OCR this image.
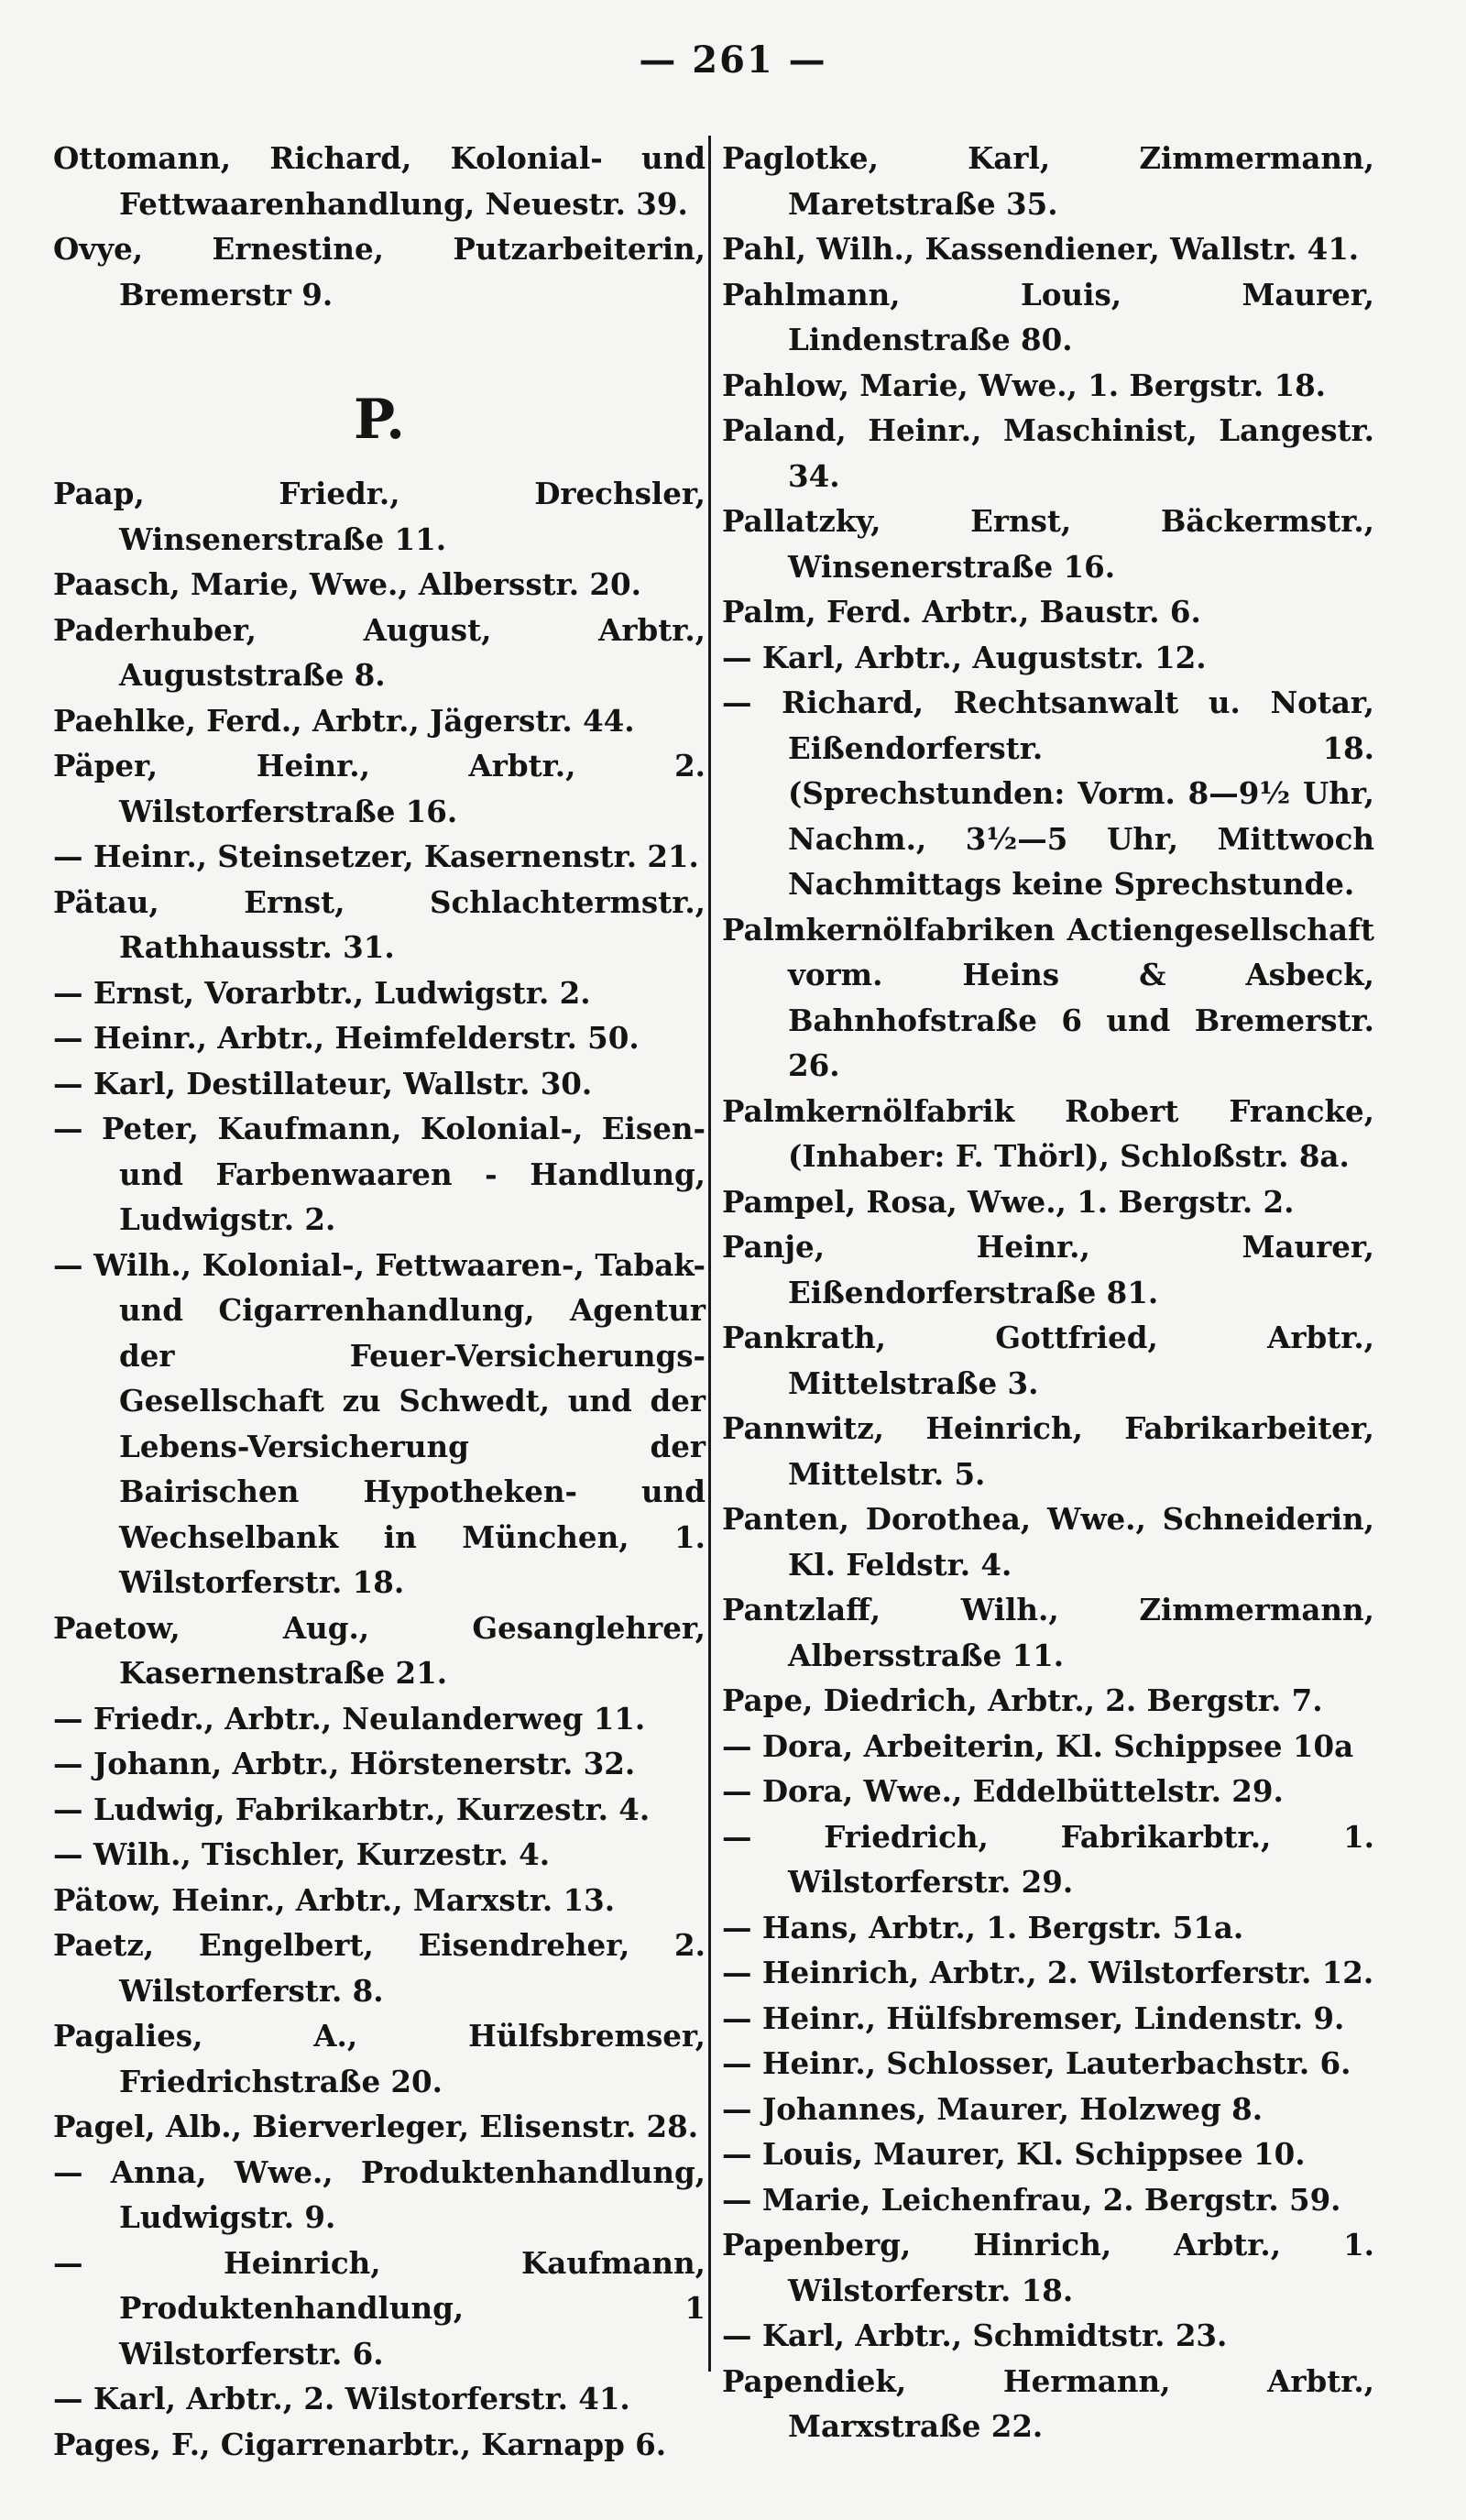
— 261 —
Ottomann, Richard, Kolonial- und Fettwaarenhandlung, Neuestr. 39.
Ovye, Ernestine, Putzarbeiterin, Bremerstr 9.
P.
Paap, Friedr., Drechsler, Winsenerstraße 11.
Paasch, Marie, Wwe., Albersstr. 20.
Paderhuber, August, Arbtr., Auguststraße 8.
Paehlke, Ferd., Arbtr., Jägerstr. 44.
Päper, Heinr., Arbtr., 2. Wilstorferstraße 16.
— Heinr., Steinsetzer, Kasernenstr. 21.
Pätau, Ernst, Schlachtermstr., Rathhausstr. 31.
— Ernst, Vorarbtr., Ludwigstr. 2.
— Heinr., Arbtr., Heimfelderstr. 50.
— Karl, Destillateur, Wallstr. 30.
— Peter, Kaufmann, Kolonial-, Eisen- und Farbenwaaren - Handlung, Ludwigstr. 2.
— Wilh., Kolonial-, Fettwaaren-, Tabak- und Cigarrenhandlung, Agentur der Feuer-Versicherungs-Gesellschaft zu Schwedt, und der Lebens-Versicherung der Bairischen Hypotheken- und Wechselbank in München, 1. Wilstorferstr. 18.
Paetow, Aug., Gesanglehrer, Kasernenstraße 21.
— Friedr., Arbtr., Neulanderweg 11.
— Johann, Arbtr., Hörstenerstr. 32.
— Ludwig, Fabrikarbtr., Kurzestr. 4.
— Wilh., Tischler, Kurzestr. 4.
Pätow, Heinr., Arbtr., Marxstr. 13.
Paetz, Engelbert, Eisendreher, 2. Wilstorferstr. 8.
Pagalies, A., Hülfsbremser, Friedrichstraße 20.
Pagel, Alb., Bierverleger, Elisenstr. 28.
— Anna, Wwe., Produktenhandlung, Ludwigstr. 9.
— Heinrich, Kaufmann, Produktenhandlung, 1 Wilstorferstr. 6.
— Karl, Arbtr., 2. Wilstorferstr. 41.
Pages, F., Cigarrenarbtr., Karnapp 6.
Paglotke, Karl, Zimmermann, Maretstraße 35.
Pahl, Wilh., Kassendiener, Wallstr. 41.
Pahlmann, Louis, Maurer, Lindenstraße 80.
Pahlow, Marie, Wwe., 1. Bergstr. 18.
Paland, Heinr., Maschinist, Langestr. 34.
Pallatzky, Ernst, Bäckermstr., Winsenerstraße 16.
Palm, Ferd. Arbtr., Baustr. 6.
— Karl, Arbtr., Auguststr. 12.
— Richard, Rechtsanwalt u. Notar, Eißendorferstr. 18. (Sprechstunden: Vorm. 8—9½ Uhr, Nachm., 3½—5 Uhr, Mittwoch Nachmittags keine Sprechstunde.
Palmkernölfabriken Actiengesellschaft vorm. Heins & Asbeck, Bahnhofstraße 6 und Bremerstr. 26.
Palmkernölfabrik Robert Francke, (Inhaber: F. Thörl), Schloßstr. 8a.
Pampel, Rosa, Wwe., 1. Bergstr. 2.
Panje, Heinr., Maurer, Eißendorferstraße 81.
Pankrath, Gottfried, Arbtr., Mittelstraße 3.
Pannwitz, Heinrich, Fabrikarbeiter, Mittelstr. 5.
Panten, Dorothea, Wwe., Schneiderin, Kl. Feldstr. 4.
Pantzlaff, Wilh., Zimmermann, Albersstraße 11.
Pape, Diedrich, Arbtr., 2. Bergstr. 7.
— Dora, Arbeiterin, Kl. Schippsee 10a
— Dora, Wwe., Eddelbüttelstr. 29.
— Friedrich, Fabrikarbtr., 1. Wilstorferstr. 29.
— Hans, Arbtr., 1. Bergstr. 51a.
— Heinrich, Arbtr., 2. Wilstorferstr. 12.
— Heinr., Hülfsbremser, Lindenstr. 9.
— Heinr., Schlosser, Lauterbachstr. 6.
— Johannes, Maurer, Holzweg 8.
— Louis, Maurer, Kl. Schippsee 10.
— Marie, Leichenfrau, 2. Bergstr. 59.
Papenberg, Hinrich, Arbtr., 1. Wilstorferstr. 18.
— Karl, Arbtr., Schmidtstr. 23.
Papendiek, Hermann, Arbtr., Marxstraße 22.
